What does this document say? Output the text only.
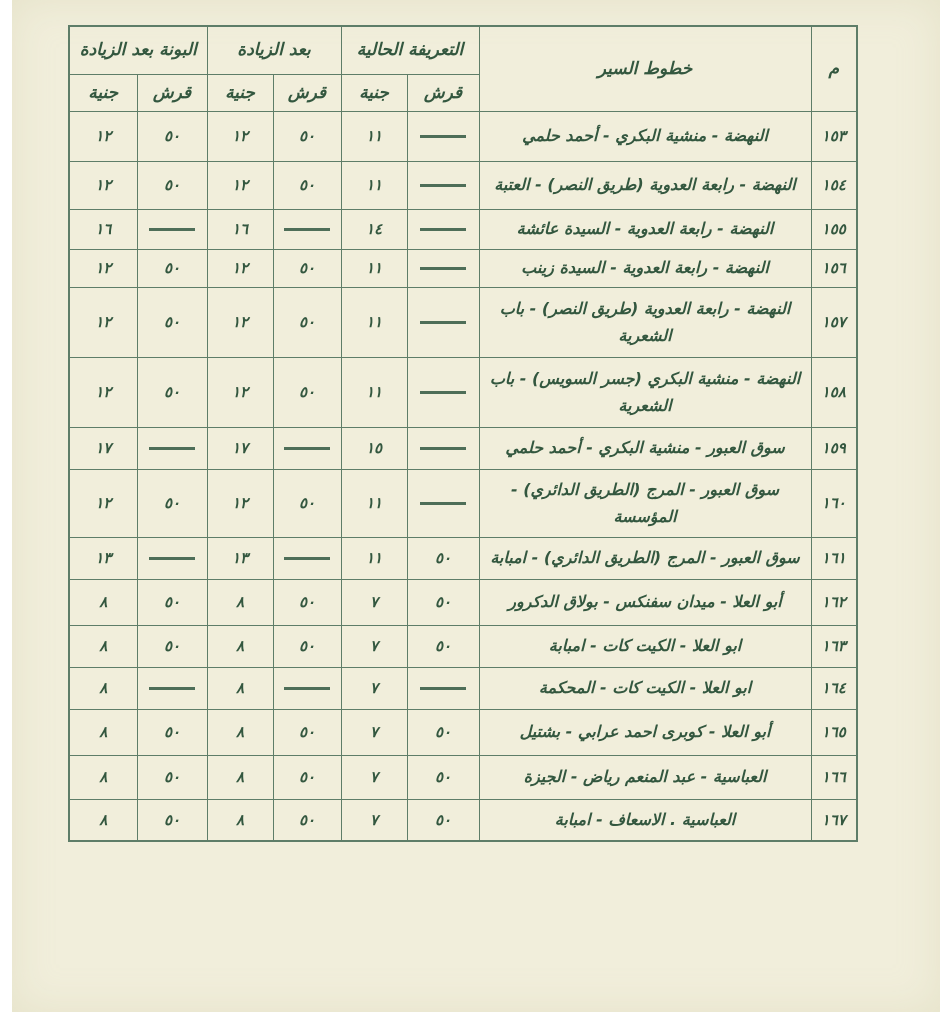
م	خطوط السير	التعريفة الحالية		بعد الزيادة		البونة بعد الزيادة	
		قرش	جنية	قرش	جنية	قرش	جنية
١٥٣	النهضة - منشية البكري - أحمد حلمي		١١	٥٠	١٢	٥٠	١٢
١٥٤	النهضة - رابعة العدوية (طريق النصر) - العتبة		١١	٥٠	١٢	٥٠	١٢
١٥٥	النهضة - رابعة العدوية - السيدة عائشة		١٤		١٦		١٦
١٥٦	النهضة - رابعة العدوية - السيدة زينب		١١	٥٠	١٢	٥٠	١٢
١٥٧	النهضة - رابعة العدوية (طريق النصر) - باب الشعرية		١١	٥٠	١٢	٥٠	١٢
١٥٨	النهضة - منشية البكري (جسر السويس) - باب الشعرية		١١	٥٠	١٢	٥٠	١٢
١٥٩	سوق العبور - منشية البكري - أحمد حلمي		١٥		١٧		١٧
١٦٠	سوق العبور - المرج (الطريق الدائري) - المؤسسة		١١	٥٠	١٢	٥٠	١٢
١٦١	سوق العبور - المرج (الطريق الدائري) - امبابة	٥٠	١١		١٣		١٣
١٦٢	أبو العلا - ميدان سفنكس - بولاق الدكرور	٥٠	٧	٥٠	٨	٥٠	٨
١٦٣	ابو العلا - الكيت كات - امبابة	٥٠	٧	٥٠	٨	٥٠	٨
١٦٤	ابو العلا - الكيت كات - المحكمة		٧		٨		٨
١٦٥	أبو العلا - كوبرى احمد عرابي - بشتيل	٥٠	٧	٥٠	٨	٥٠	٨
١٦٦	العباسية - عبد المنعم رياض - الجيزة	٥٠	٧	٥٠	٨	٥٠	٨
١٦٧	العباسية . الاسعاف - امبابة	٥٠	٧	٥٠	٨	٥٠	٨
